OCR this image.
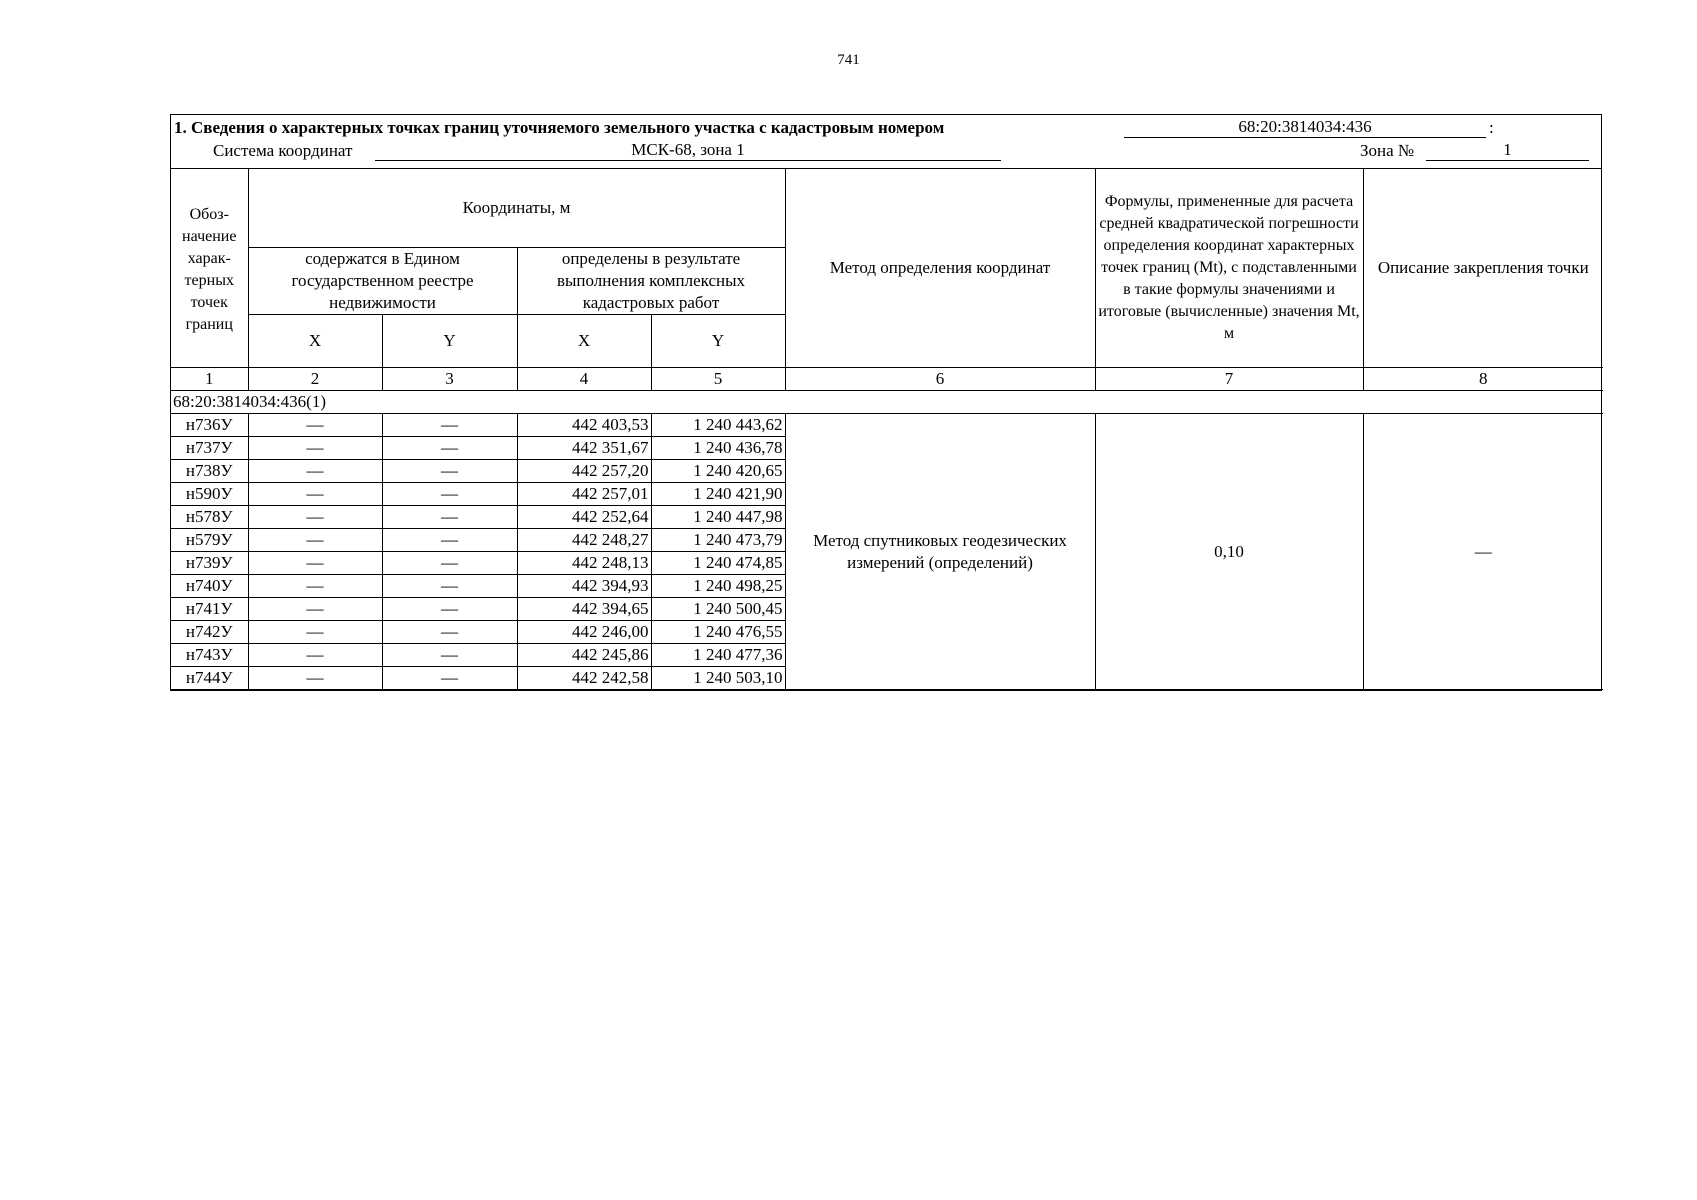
741
1. Сведения о характерных точках границ уточняемого земельного участка с кадастровым номером	68:20:3814034:436	:
Система координат	МСК-68, зона 1	Зона №	1
Обоз-начение харак-терных точек границ	Координаты, м				Метод определения координат	Формулы, примененные для расчета средней квадратической погрешности определения координат характерных точек границ (Mt), с подставленными в такие формулы значениями и итоговые (вычисленные) значения Mt, м	Описание закрепления точки
	содержатся в Едином государственном реестре недвижимости		определены в результате выполнения комплексных кадастровых работ				
	X	Y	X	Y			
1	2	3	4	5	6	7	8
68:20:3814034:436(1)							
н736У	—	—	442 403,53	1 240 443,62	Метод спутниковых геодезических измерений (определений)	0,10	—
н737У	—	—	442 351,67	1 240 436,78			
н738У	—	—	442 257,20	1 240 420,65			
н590У	—	—	442 257,01	1 240 421,90			
н578У	—	—	442 252,64	1 240 447,98			
н579У	—	—	442 248,27	1 240 473,79			
н739У	—	—	442 248,13	1 240 474,85			
н740У	—	—	442 394,93	1 240 498,25			
н741У	—	—	442 394,65	1 240 500,45			
н742У	—	—	442 246,00	1 240 476,55			
н743У	—	—	442 245,86	1 240 477,36			
н744У	—	—	442 242,58	1 240 503,10			
